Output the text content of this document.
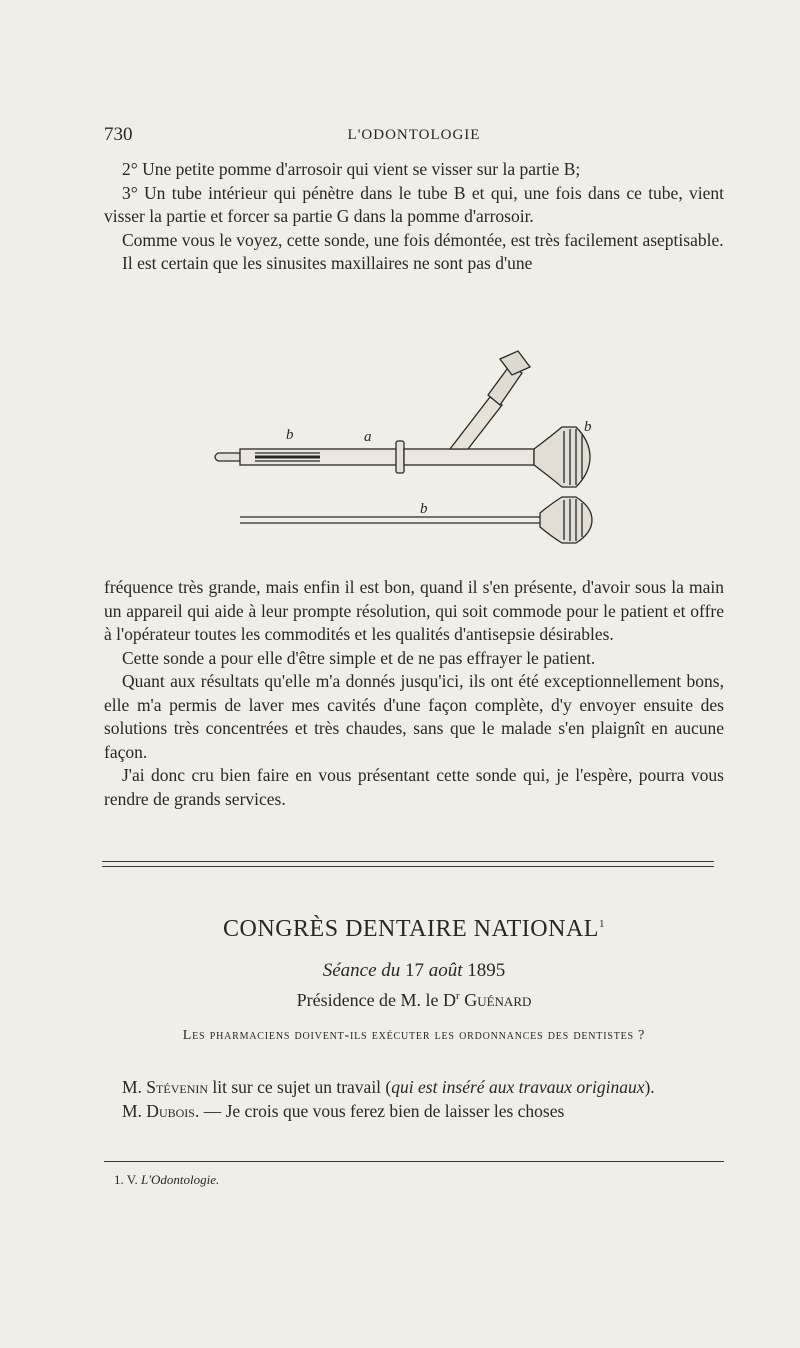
730	L'ODONTOLOGIE

2° Une petite pomme d'arrosoir qui vient se visser sur la partie B;

3° Un tube intérieur qui pénètre dans le tube B et qui, une fois dans ce tube, vient visser la partie et forcer sa partie G dans la pomme d'arrosoir.

Comme vous le voyez, cette sonde, une fois démontée, est très facilement aseptisable.

Il est certain que les sinusites maxillaires ne sont pas d'une

b	a
b
b

fréquence très grande, mais enfin il est bon, quand il s'en présente, d'avoir sous la main un appareil qui aide à leur prompte résolution, qui soit commode pour le patient et offre à l'opérateur toutes les commodités et les qualités d'antisepsie désirables.

Cette sonde a pour elle d'être simple et de ne pas effrayer le patient.

Quant aux résultats qu'elle m'a donnés jusqu'ici, ils ont été exceptionnellement bons, elle m'a permis de laver mes cavités d'une façon complète, d'y envoyer ensuite des solutions très concentrées et très chaudes, sans que le malade s'en plaignît en aucune façon.

J'ai donc cru bien faire en vous présentant cette sonde qui, je l'espère, pourra vous rendre de grands services.

CONGRÈS DENTAIRE NATIONAL$^1$
Séance du 17 août 1895
Présidence de M. le $D^r$ Guénard
Les pharmaciens doivent-ils exécuter les ordonnances des dentistes ?

M. Stévenin lit sur ce sujet un travail (qui est inséré aux travaux originaux).

M. Dubois. — Je crois que vous ferez bien de laisser les choses

1. V. L'Odontologie.
